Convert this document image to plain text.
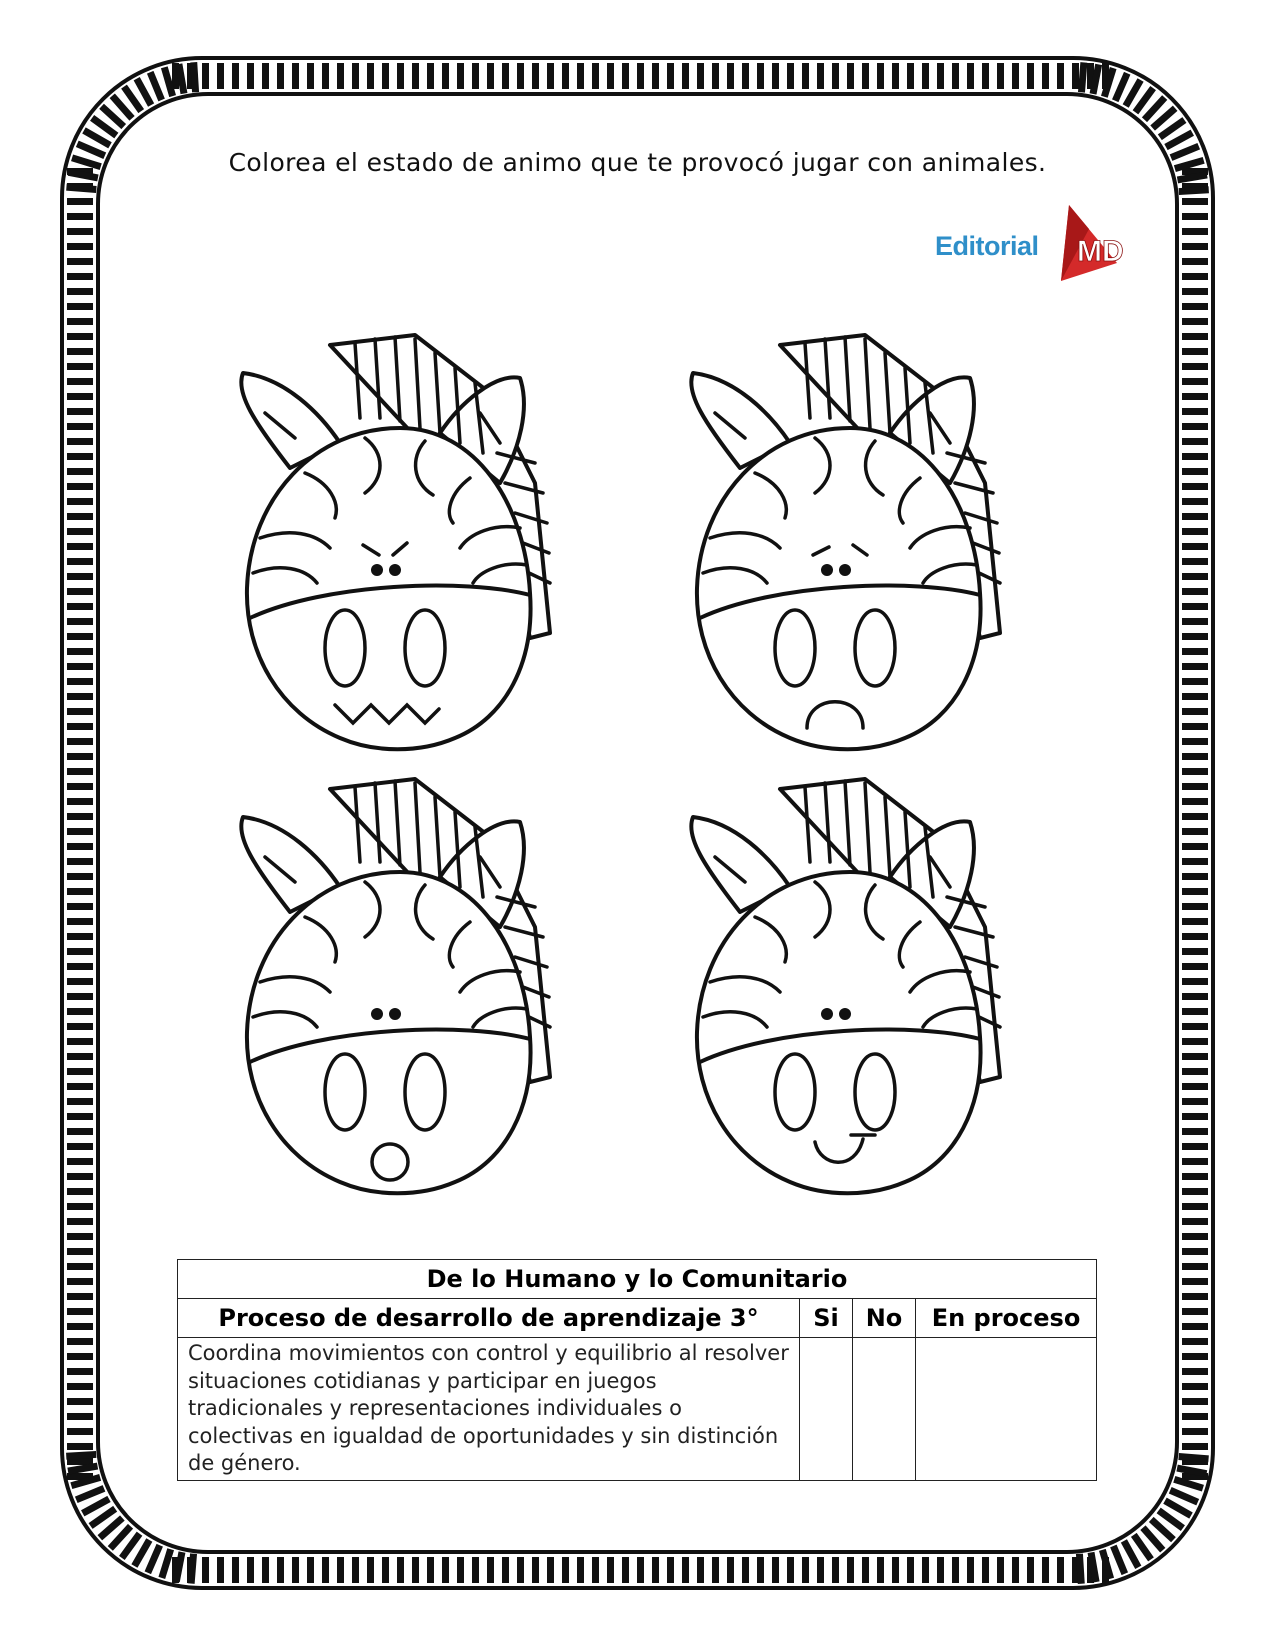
Colorea el estado de animo que te provocó jugar con animales.
Editorial MD
De lo Humano y lo Comunitario			
Proceso de desarrollo de aprendizaje 3°	Si	No	En proceso
Coordina movimientos con control y equilibrio al resolver situaciones cotidianas y participar en juegos tradicionales y representaciones individuales o colectivas en igualdad de oportunidades y sin distinción de género.			
